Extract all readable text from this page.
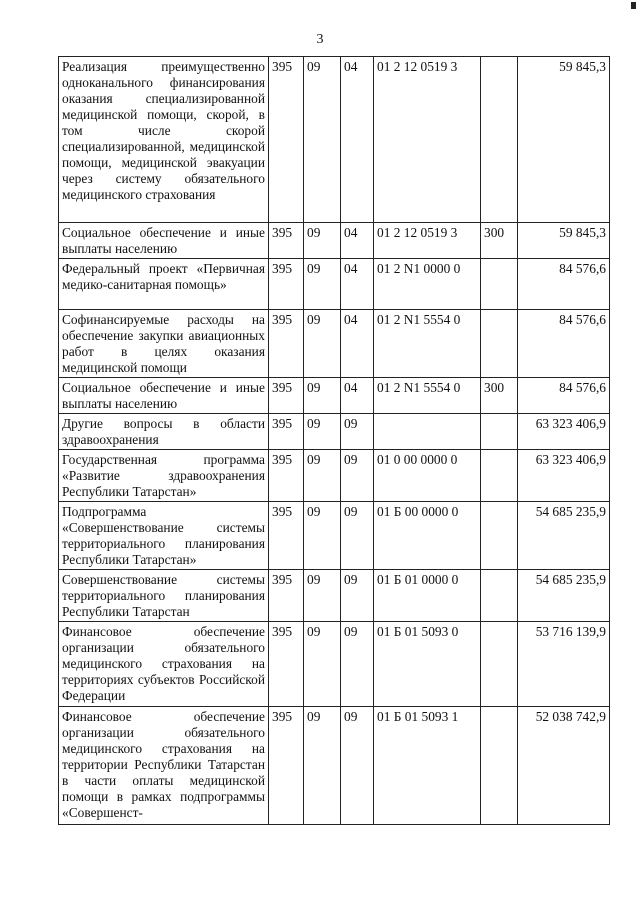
3
Реализация преимущественно одноканального финансирования оказания специализированной медицинской помощи, скорой, в том числе скорой специализированной, медицинской помощи, медицинской эвакуации через систему обязательного медицинского страхования	395	09	04	01 2 12 0519 3		59 845,3
Социальное обеспечение и иные выплаты населению	395	09	04	01 2 12 0519 3	300	59 845,3
Федеральный проект «Первичная медико-санитарная помощь»	395	09	04	01 2 N1 0000 0		84 576,6
Софинансируемые расходы на обеспечение закупки авиационных работ в целях оказания медицинской помощи	395	09	04	01 2 N1 5554 0		84 576,6
Социальное обеспечение и иные выплаты населению	395	09	04	01 2 N1 5554 0	300	84 576,6
Другие вопросы в области здравоохранения	395	09	09			63 323 406,9
Государственная программа «Развитие здравоохранения Республики Татарстан»	395	09	09	01 0 00 0000 0		63 323 406,9
Подпрограмма «Совершенствование системы территориального планирования Республики Татарстан»	395	09	09	01 Б 00 0000 0		54 685 235,9
Совершенствование системы территориального планирования Республики Татарстан	395	09	09	01 Б 01 0000 0		54 685 235,9
Финансовое обеспечение организации обязательного медицинского страхования на территориях субъектов Российской Федерации	395	09	09	01 Б 01 5093 0		53 716 139,9
Финансовое обеспечение организации обязательного медицинского страхования на территории Республики Татарстан в части оплаты медицинской помощи в рамках подпрограммы «Совершенст-	395	09	09	01 Б 01 5093 1		52 038 742,9
